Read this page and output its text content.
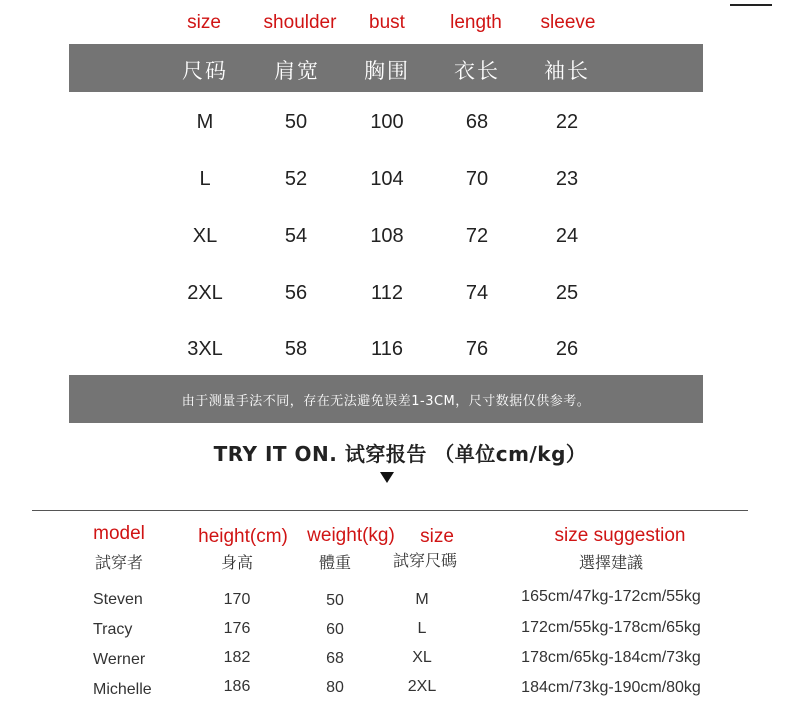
size shoulder bust length sleeve
尺码 肩宽 胸围 衣长 袖长
M	50	100	68	22
L	52	104	70	23
XL	54	108	72	24
2XL	56	112	74	25
3XL	58	116	76	26
由于测量手法不同，存在无法避免误差1-3CM，尺寸数据仅供参考。
TRY IT ON. 试穿报告 （单位cm/kg）
model	height(cm) weight(kg) size	size suggestion
試穿者	身高	體重	試穿尺碼	選擇建議
Steven	170	50	M	165cm/47kg-172cm/55kg
Tracy	176	60	L	172cm/55kg-178cm/65kg
Werner	182	68	XL	178cm/65kg-184cm/73kg
Michelle	186	80	2XL	184cm/73kg-190cm/80kg
